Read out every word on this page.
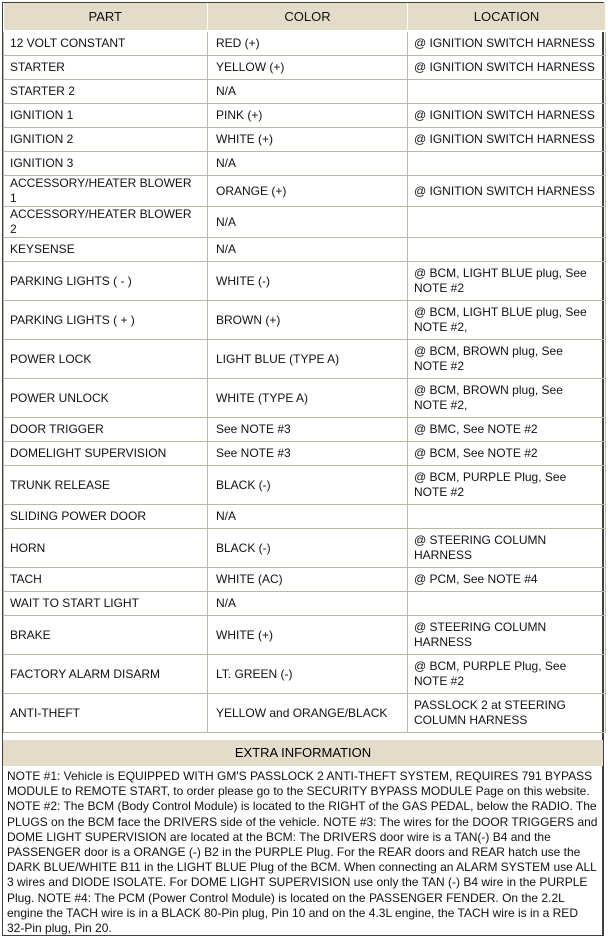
PART	COLOR	LOCATION
12 VOLT CONSTANT	RED (+)	@ IGNITION SWITCH HARNESS
STARTER	YELLOW (+)	@ IGNITION SWITCH HARNESS
STARTER 2	N/A	
IGNITION 1	PINK (+)	@ IGNITION SWITCH HARNESS
IGNITION 2	WHITE (+)	@ IGNITION SWITCH HARNESS
IGNITION 3	N/A	
ACCESSORY/HEATER BLOWER 1	ORANGE (+)	@ IGNITION SWITCH HARNESS
ACCESSORY/HEATER BLOWER 2	N/A	
KEYSENSE	N/A	
PARKING LIGHTS ( - )	WHITE (-)	@ BCM, LIGHT BLUE plug, See NOTE #2
PARKING LIGHTS ( + )	BROWN (+)	@ BCM, LIGHT BLUE plug, See NOTE #2,
POWER LOCK	LIGHT BLUE (TYPE A)	@ BCM, BROWN plug, See NOTE #2
POWER UNLOCK	WHITE (TYPE A)	@ BCM, BROWN plug, See NOTE #2,
DOOR TRIGGER	See NOTE #3	@ BMC, See NOTE #2
DOMELIGHT SUPERVISION	See NOTE #3	@ BCM, See NOTE #2
TRUNK RELEASE	BLACK (-)	@ BCM, PURPLE Plug, See NOTE #2
SLIDING POWER DOOR	N/A	
HORN	BLACK (-)	@ STEERING COLUMN HARNESS
TACH	WHITE (AC)	@ PCM, See NOTE #4
WAIT TO START LIGHT	N/A	
BRAKE	WHITE (+)	@ STEERING COLUMN HARNESS
FACTORY ALARM DISARM	LT. GREEN (-)	@ BCM, PURPLE Plug, See NOTE #2
ANTI-THEFT	YELLOW and ORANGE/BLACK	PASSLOCK 2 at STEERING COLUMN HARNESS
EXTRA INFORMATION
NOTE #1: Vehicle is EQUIPPED WITH GM'S PASSLOCK 2 ANTI-THEFT SYSTEM, REQUIRES 791 BYPASS
MODULE to REMOTE START, to order please go to the SECURITY BYPASS MODULE Page on this website.
NOTE #2: The BCM (Body Control Module) is located to the RIGHT of the GAS PEDAL, below the RADIO. The
PLUGS on the BCM face the DRIVERS side of the vehicle. NOTE #3: The wires for the DOOR TRIGGERS and
DOME LIGHT SUPERVISION are located at the BCM: The DRIVERS door wire is a TAN(-) B4 and the
PASSENGER door is a ORANGE (-) B2 in the PURPLE Plug. For the REAR doors and REAR hatch use the
DARK BLUE/WHITE B11 in the LIGHT BLUE Plug of the BCM. When connecting an ALARM SYSTEM use ALL
3 wires and DIODE ISOLATE. For DOME LIGHT SUPERVISION use only the TAN (-) B4 wire in the PURPLE
Plug. NOTE #4: The PCM (Power Control Module) is located on the PASSENGER FENDER. On the 2.2L
engine the TACH wire is in a BLACK 80-Pin plug, Pin 10 and on the 4.3L engine, the TACH wire is in a RED
32-Pin plug, Pin 20.
